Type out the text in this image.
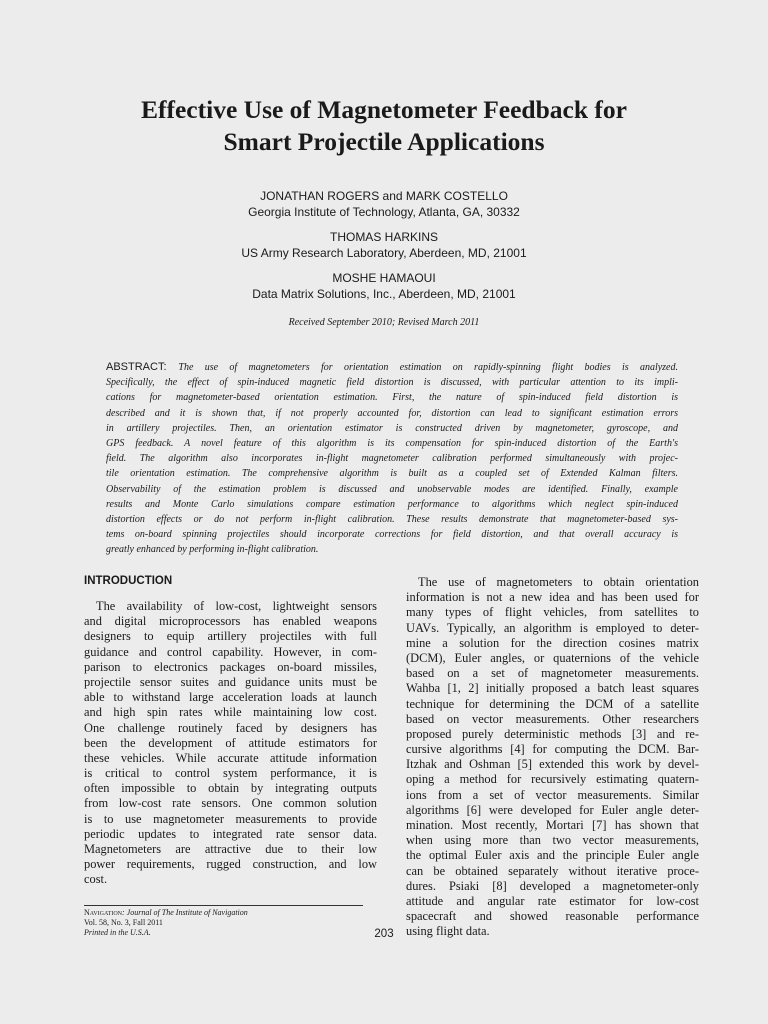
Effective Use of Magnetometer Feedback for
Smart Projectile Applications
JONATHAN ROGERS and MARK COSTELLO
Georgia Institute of Technology, Atlanta, GA, 30332
THOMAS HARKINS
US Army Research Laboratory, Aberdeen, MD, 21001
MOSHE HAMAOUI
Data Matrix Solutions, Inc., Aberdeen, MD, 21001
Received September 2010; Revised March 2011
ABSTRACT: The use of magnetometers for orientation estimation on rapidly-spinning flight bodies is analyzed.
Specifically, the effect of spin-induced magnetic field distortion is discussed, with particular attention to its impli-
cations for magnetometer-based orientation estimation. First, the nature of spin-induced field distortion is
described and it is shown that, if not properly accounted for, distortion can lead to significant estimation errors
in artillery projectiles. Then, an orientation estimator is constructed driven by magnetometer, gyroscope, and
GPS feedback. A novel feature of this algorithm is its compensation for spin-induced distortion of the Earth's
field. The algorithm also incorporates in-flight magnetometer calibration performed simultaneously with projec-
tile orientation estimation. The comprehensive algorithm is built as a coupled set of Extended Kalman filters.
Observability of the estimation problem is discussed and unobservable modes are identified. Finally, example
results and Monte Carlo simulations compare estimation performance to algorithms which neglect spin-induced
distortion effects or do not perform in-flight calibration. These results demonstrate that magnetometer-based sys-
tems on-board spinning projectiles should incorporate corrections for field distortion, and that overall accuracy is
greatly enhanced by performing in-flight calibration.
INTRODUCTION
The availability of low-cost, lightweight sensors
and digital microprocessors has enabled weapons
designers to equip artillery projectiles with full
guidance and control capability. However, in com-
parison to electronics packages on-board missiles,
projectile sensor suites and guidance units must be
able to withstand large acceleration loads at launch
and high spin rates while maintaining low cost.
One challenge routinely faced by designers has
been the development of attitude estimators for
these vehicles. While accurate attitude information
is critical to control system performance, it is
often impossible to obtain by integrating outputs
from low-cost rate sensors. One common solution
is to use magnetometer measurements to provide
periodic updates to integrated rate sensor data.
Magnetometers are attractive due to their low
power requirements, rugged construction, and low
cost.
The use of magnetometers to obtain orientation
information is not a new idea and has been used for
many types of flight vehicles, from satellites to
UAVs. Typically, an algorithm is employed to deter-
mine a solution for the direction cosines matrix
(DCM), Euler angles, or quaternions of the vehicle
based on a set of magnetometer measurements.
Wahba [1, 2] initially proposed a batch least squares
technique for determining the DCM of a satellite
based on vector measurements. Other researchers
proposed purely deterministic methods [3] and re-
cursive algorithms [4] for computing the DCM. Bar-
Itzhak and Oshman [5] extended this work by devel-
oping a method for recursively estimating quatern-
ions from a set of vector measurements. Similar
algorithms [6] were developed for Euler angle deter-
mination. Most recently, Mortari [7] has shown that
when using more than two vector measurements,
the optimal Euler axis and the principle Euler angle
can be obtained separately without iterative proce-
dures. Psiaki [8] developed a magnetometer-only
attitude and angular rate estimator for low-cost
spacecraft and showed reasonable performance
using flight data.
Navigation: Journal of The Institute of Navigation
Vol. 58, No. 3, Fall 2011
Printed in the U.S.A.	203
